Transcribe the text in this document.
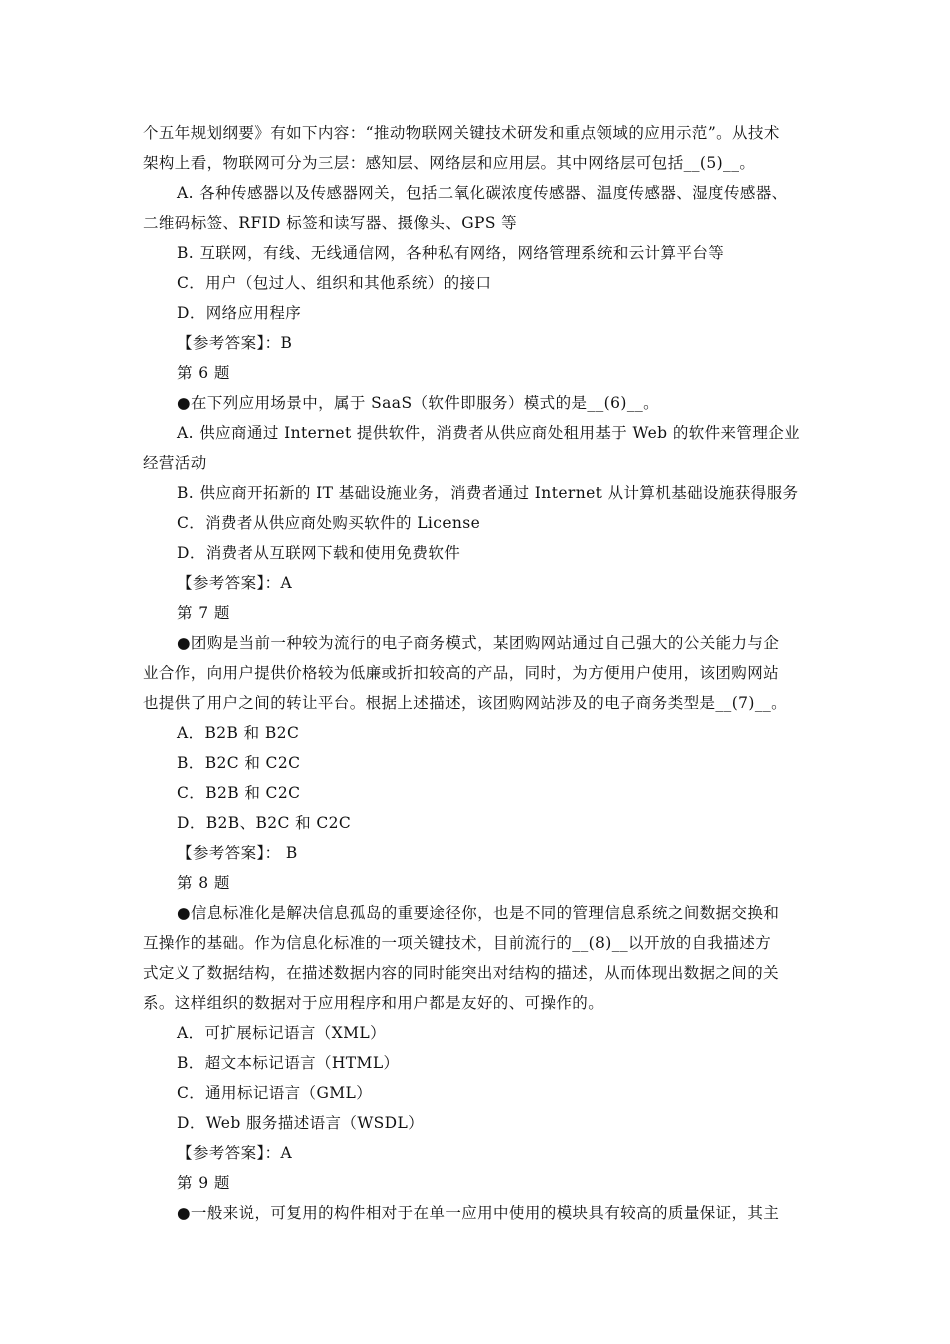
个五年规划纲要》有如下内容：“推动物联网关键技术研发和重点领域的应用示范”。从技术
架构上看，物联网可分为三层：感知层、网络层和应用层。其中网络层可包括__(5)__。
A. 各种传感器以及传感器网关，包括二氧化碳浓度传感器、温度传感器、湿度传感器、
二维码标签、RFID 标签和读写器、摄像头、GPS 等
B. 互联网，有线、无线通信网，各种私有网络，网络管理系统和云计算平台等
C．用户（包过人、组织和其他系统）的接口
D．网络应用程序
【参考答案】：B
第 6 题
●在下列应用场景中，属于 SaaS（软件即服务）模式的是__(6)__。
A. 供应商通过 Internet 提供软件，消费者从供应商处租用基于 Web 的软件来管理企业
经营活动
B. 供应商开拓新的 IT 基础设施业务，消费者通过 Internet 从计算机基础设施获得服务
C．消费者从供应商处购买软件的 License
D．消费者从互联网下载和使用免费软件
【参考答案】：A
第 7 题
●团购是当前一种较为流行的电子商务模式，某团购网站通过自己强大的公关能力与企
业合作，向用户提供价格较为低廉或折扣较高的产品，同时，为方便用户使用，该团购网站
也提供了用户之间的转让平台。根据上述描述，该团购网站涉及的电子商务类型是__(7)__。
A．B2B 和 B2C
B．B2C 和 C2C
C．B2B 和 C2C
D．B2B、B2C 和 C2C
【参考答案】： B
第 8 题
●信息标准化是解决信息孤岛的重要途径你，也是不同的管理信息系统之间数据交换和
互操作的基础。作为信息化标准的一项关键技术，目前流行的__(8)__以开放的自我描述方
式定义了数据结构，在描述数据内容的同时能突出对结构的描述，从而体现出数据之间的关
系。这样组织的数据对于应用程序和用户都是友好的、可操作的。
A．可扩展标记语言（XML）
B．超文本标记语言（HTML）
C．通用标记语言（GML）
D．Web 服务描述语言（WSDL）
【参考答案】：A
第 9 题
●一般来说，可复用的构件相对于在单一应用中使用的模块具有较高的质量保证，其主
